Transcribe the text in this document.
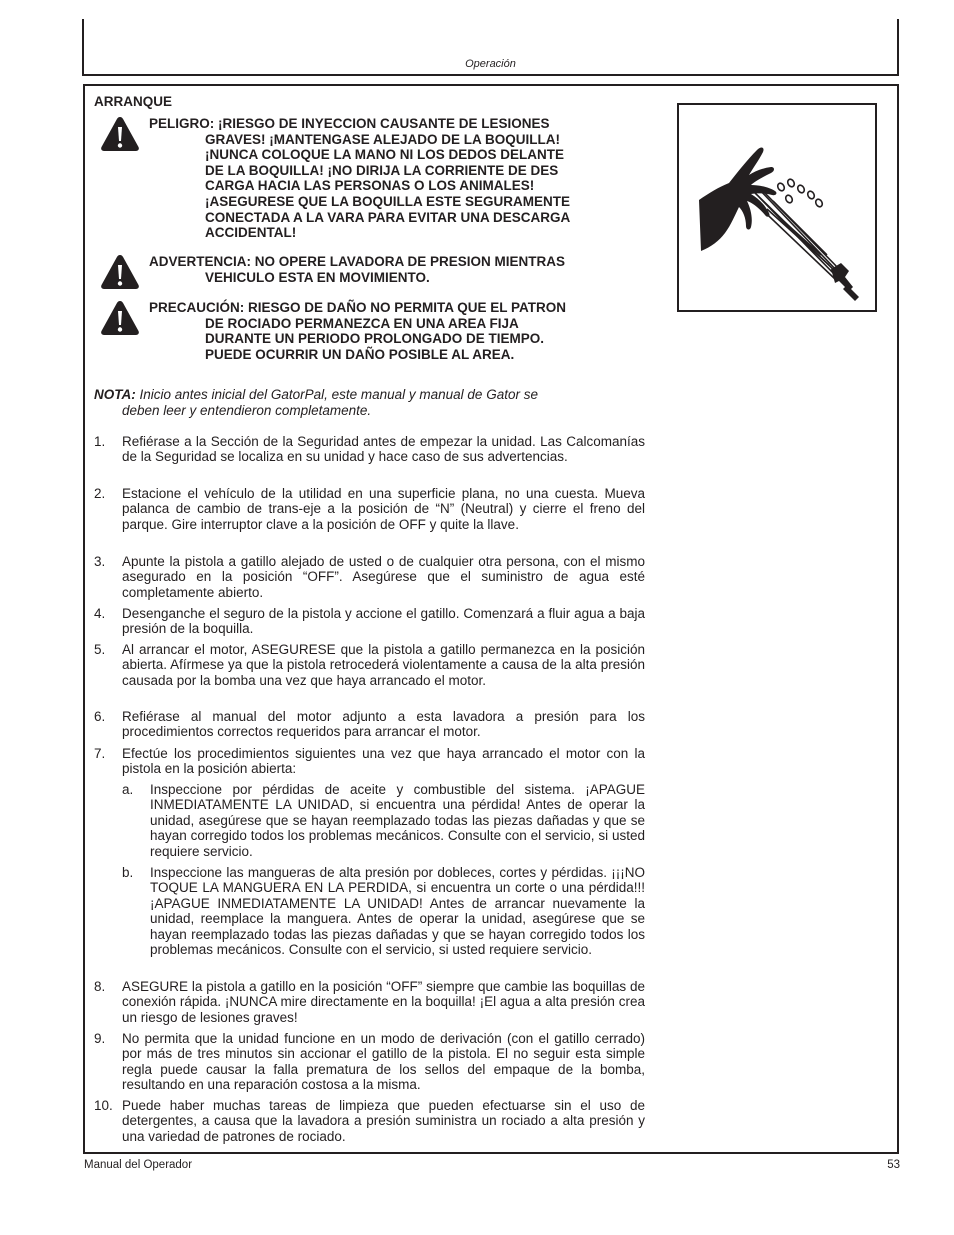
Operación
ARRANQUE
PELIGRO: ¡RIESGO DE INYECCION CAUSANTE DE LESIONES
GRAVES! ¡MANTENGASE ALEJADO DE LA BOQUILLA!
¡NUNCA COLOQUE LA MANO NI LOS DEDOS DELANTE
DE LA BOQUILLA! ¡NO DIRIJA LA CORRIENTE DE DES
CARGA HACIA LAS PERSONAS O LOS ANIMALES!
¡ASEGURESE QUE LA BOQUILLA ESTE SEGURAMENTE
CONECTADA A LA VARA PARA EVITAR UNA DESCARGA
ACCIDENTAL!
ADVERTENCIA: NO OPERE LAVADORA DE PRESION MIENTRAS
VEHICULO ESTA EN MOVIMIENTO.
PRECAUCIÓN: RIESGO DE DAÑO NO PERMITA QUE EL PATRON
DE ROCIADO PERMANEZCA EN UNA AREA FIJA
DURANTE UN PERIODO PROLONGADO DE TIEMPO.
PUEDE OCURRIR UN DAÑO POSIBLE AL AREA.
NOTA: Inicio antes inicial del GatorPal, este manual y manual de Gator se
deben leer y entendieron completamente.
1.	Refiérase a la Sección de la Seguridad antes de empezar la unidad. Las Calcomanías de la Seguridad se localiza en su unidad y hace caso de sus advertencias.
2.	Estacione el vehículo de la utilidad en una superficie plana, no una cuesta. Mueva palanca de cambio de trans-eje a la posición de “N” (Neutral) y cierre el freno del parque. Gire interruptor clave a la posición de OFF y quite la llave.
3.	Apunte la pistola a gatillo alejado de usted o de cualquier otra persona, con el mismo asegurado en la posición “OFF”. Asegúrese que el suministro de agua esté completamente abierto.
4.	Desenganche el seguro de la pistola y accione el gatillo. Comenzará a fluir agua a baja presión de la boquilla.
5.	Al arrancar el motor, ASEGURESE que la pistola a gatillo permanezca en la posición abierta. Afírmese ya que la pistola retrocederá violentamente a causa de la alta presión causada por la bomba una vez que haya arrancado el motor.
6.	Refiérase al manual del motor adjunto a esta lavadora a presión para los procedimientos correctos requeridos para arrancar el motor.
7.	Efectúe los procedimientos siguientes una vez que haya arrancado el motor con la pistola en la posición abierta:
a. Inspeccione por pérdidas de aceite y combustible del sistema. ¡APAGUE INMEDIATAMENTE LA UNIDAD, si encuentra una pérdida! Antes de operar la unidad, asegúrese que se hayan reemplazado todas las piezas dañadas y que se hayan corregido todos los problemas mecánicos. Consulte con el servicio, si usted requiere servicio.
b. Inspeccione las mangueras de alta presión por dobleces, cortes y pérdidas. ¡¡¡NO TOQUE LA MANGUERA EN LA PERDIDA, si encuentra un corte o una pérdida!!! ¡APAGUE INMEDIATAMENTE LA UNIDAD! Antes de arrancar nuevamente la unidad, reemplace la manguera. Antes de operar la unidad, asegúrese que se hayan reemplazado todas las piezas dañadas y que se hayan corregido todos los problemas mecánicos. Consulte con el servicio, si usted requiere servicio.
8.	ASEGURE la pistola a gatillo en la posición “OFF” siempre que cambie las boquillas de conexión rápida. ¡NUNCA mire directamente en la boquilla! ¡El agua a alta presión crea un riesgo de lesiones graves!
9.	No permita que la unidad funcione en un modo de derivación (con el gatillo cerrado) por más de tres minutos sin accionar el gatillo de la pistola. El no seguir esta simple regla puede causar la falla prematura de los sellos del empaque de la bomba, resultando en una reparación costosa a la misma.
10. Puede haber muchas tareas de limpieza que pueden efectuarse sin el uso de detergentes, a causa que la lavadora a presión suministra un rociado a alta presión y una variedad de patrones de rociado.
Manual del Operador	53
